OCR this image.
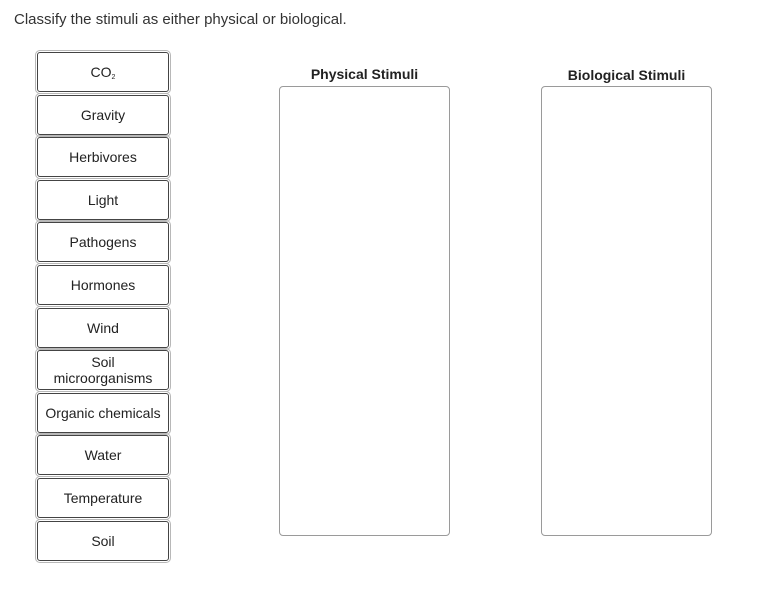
Classify the stimuli as either physical or biological.
$CO_2$
Gravity
Herbivores
Light
Pathogens
Hormones
Wind
Soil microorganisms
Organic chemicals
Water
Temperature
Soil
Physical Stimuli	Biological Stimuli
